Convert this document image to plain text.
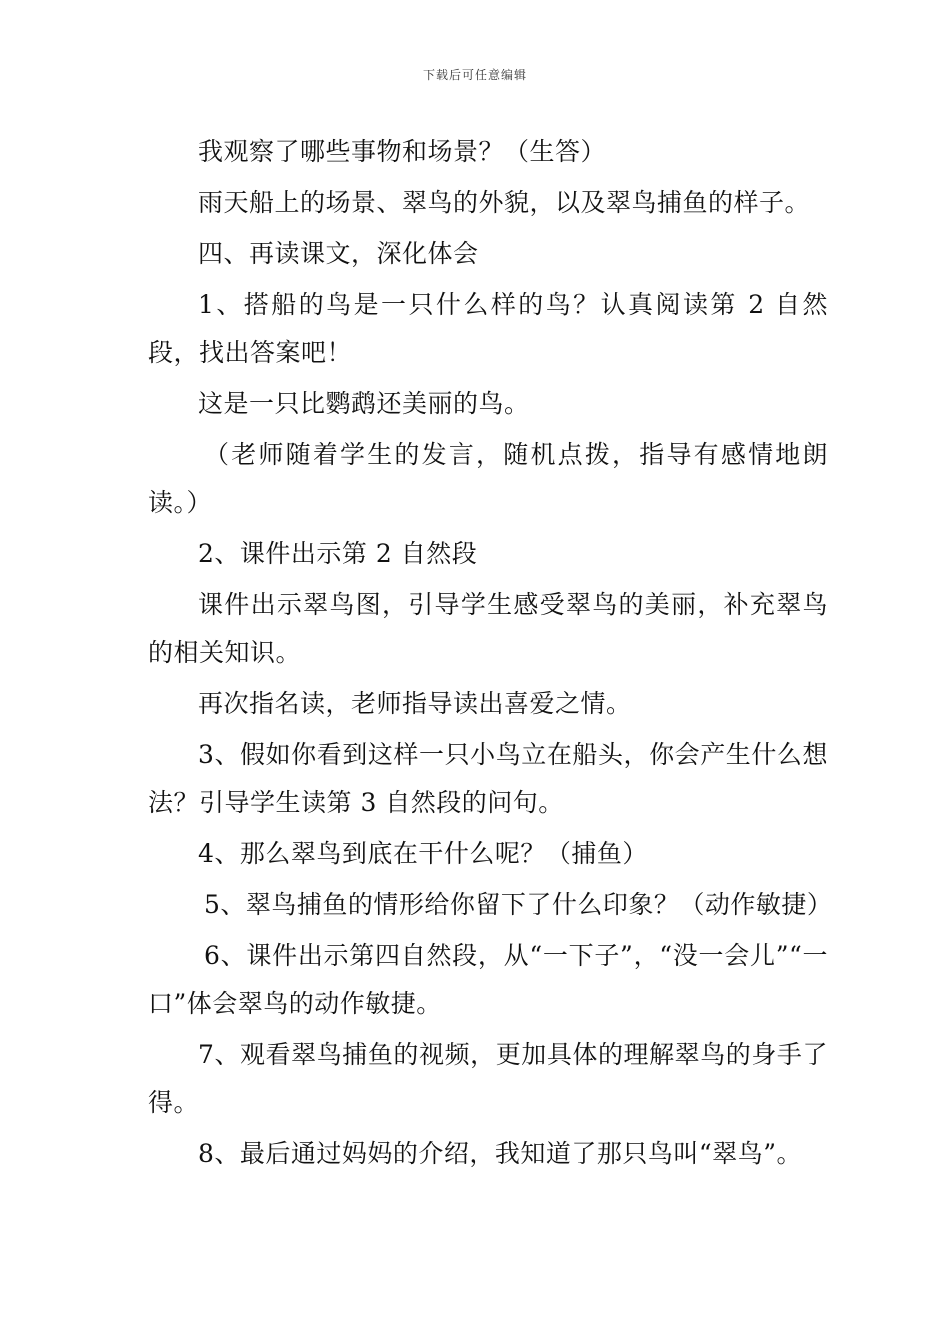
下载后可任意编辑

我观察了哪些事物和场景？（生答）

雨天船上的场景、翠鸟的外貌，以及翠鸟捕鱼的样子。

四、再读课文，深化体会

1、搭船的鸟是一只什么样的鸟？认真阅读第 2 自然段，找出答案吧！

这是一只比鹦鹉还美丽的鸟。

（老师随着学生的发言，随机点拨，指导有感情地朗读。）

2、课件出示第 2 自然段

课件出示翠鸟图，引导学生感受翠鸟的美丽，补充翠鸟的相关知识。

再次指名读，老师指导读出喜爱之情。

3、假如你看到这样一只小鸟立在船头，你会产生什么想法？引导学生读第 3 自然段的问句。

4、那么翠鸟到底在干什么呢？（捕鱼）

5、翠鸟捕鱼的情形给你留下了什么印象？（动作敏捷）

6、课件出示第四自然段，从“一下子”，“没一会儿”“一口”体会翠鸟的动作敏捷。

7、观看翠鸟捕鱼的视频，更加具体的理解翠鸟的身手了得。

8、最后通过妈妈的介绍，我知道了那只鸟叫“翠鸟”。
